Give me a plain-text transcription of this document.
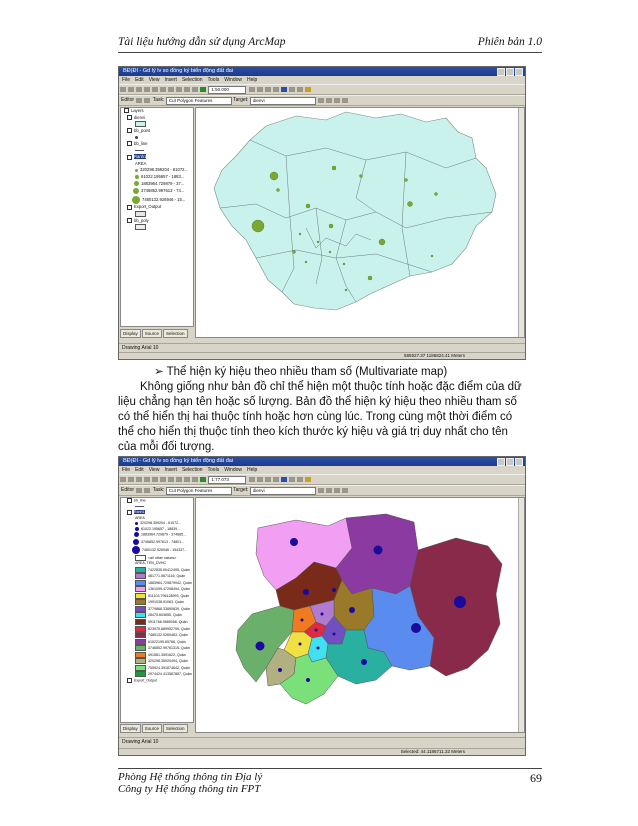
Tài liệu hướng dẫn sử dụng ArcMap	Phiên bản 1.0
BĐ(ĐI - Gd lý lv so đồng ký biển động đất đai
File Edit View Insert Selection Tools Window Help
1:50.000
Editor	Task: Cut Polygon Features	Target: dienvi
Layers
dienvi
bb_point
bb_line
Ranh1
AREA
320298.359204 - 61072...
61022.195657 - 1883...
1883964.729879 - 37...
3746852.997613 - 74...
7480132.926946 - 15...
Export_Output
bb_poly
Display Source Selection
Drawing Arial 10
585927.37 1186824.41 Meters
➢ Thể hiện ký hiệu theo nhiều tham số (Multivariate map)
Không giống như bản đồ chỉ thể hiện một thuộc tính hoặc đặc điểm của dữ liệu chẳng hạn tên hoặc số lượng. Bản đồ thể hiện ký hiệu theo nhiều tham số có thể hiển thị hai thuộc tính hoặc hơn cùng lúc. Trong cùng một thời điểm có thể cho hiển thị thuộc tính theo kích thước ký hiệu và giá trị duy nhất cho tên của mỗi đối tượng.
BĐ(ĐI - Gd lý lv so đồng ký biển động đất đai
File Edit View Insert Selection Tools Window Help
1:77.073
Editor	Task: Cut Polygon Features	Target: dienvi
bb_line
Ranh1
AREA
320298.359204 - 61072...
61022.195657 - 18839...
1883964.729879 - 374685...
3746852.997613 - 74801...
7480132.926946 - 154337...
<all other values>
AREA, TEN_DVHC
7422835.60412495, Quận
481771.5671116, Quận
1883964.729879942, Quận
1361099.47298494, Quận
811103.796128993, Quận
1991038.91063, Quận
3779868.33890639, Quận
28475.603655, Quận
5911768.9685058, Quận
623975.889952759, Quận
7480132.9269463, Quận
61022195.65766, Quận
3746852.99761315, Quận
491581.3591622, Quận
320298.35920494, Quận
755924.391874642, Quận
2974424.413587887, Quận
Export_Output
Display Source Selection
Drawing Arial 10
Selected: 44.1186711.32 Meters
Phòng Hệ thống thông tin Địa lý
Công ty Hệ thống thông tin FPT
69
